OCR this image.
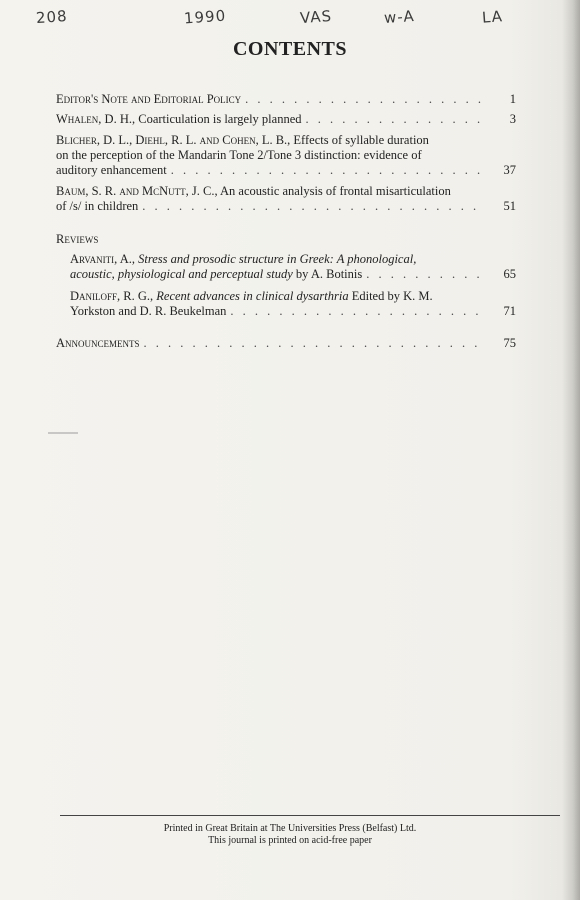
208	1990	VAS	w-A	LA
CONTENTS
Editor's Note and Editorial Policy . . .	1
Whalen, D. H., Coarticulation is largely planned . . .	3
Blicher, D. L., Diehl, R. L. and Cohen, L. B., Effects of syllable duration
on the perception of the Mandarin Tone 2/Tone 3 distinction: evidence of
auditory enhancement . . .	37
Baum, S. R. and McNutt, J. C., An acoustic analysis of frontal misarticulation
of /s/ in children . . .	51
Reviews
Arvaniti, A., Stress and prosodic structure in Greek: A phonological,
acoustic, physiological and perceptual study by A. Botinis . . .	65
Daniloff, R. G., Recent advances in clinical dysarthria Edited by K. M.
Yorkston and D. R. Beukelman . . .	71
Announcements . . .	75
Printed in Great Britain at The Universities Press (Belfast) Ltd.
This journal is printed on acid-free paper
